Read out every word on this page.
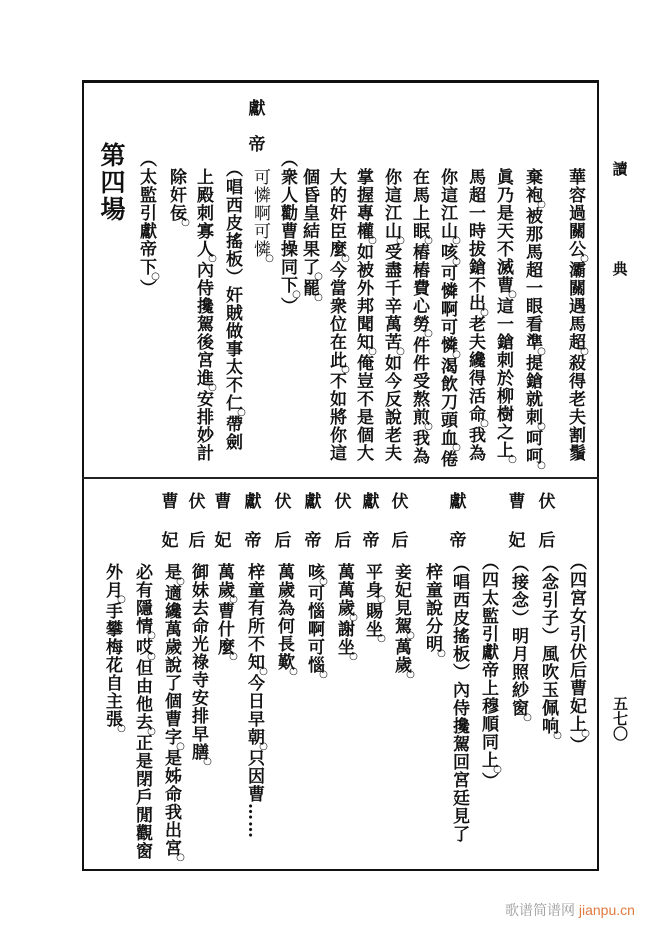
讀
典
五七〇
華容過關公○灞關遇馬超○殺得老夫割鬚
棄袍○被那馬超一眼看準○提鎗就刺○呵呵○
眞乃是天不滅曹○這一鎗刺於柳樹之上○
馬超一時拔鎗不出○老夫纔得活命○我為
你這江山○咳○可憐啊可憐○渴飲刀頭血○倦
在馬上眠○樁樁費心勞○件件受熬煎○我為
你這江山○受盡千辛萬苦○如今反說老夫
掌握專權○如被外邦聞知○俺豈不是個大
大的奸臣麼○今當衆位在此○不如將你這
個昏皇結果了○罷○
（衆人勸曹操同下○）
獻
帝
可憐啊可憐○
（唱西皮搖板）奸賊做事太不仁○帶劍
上殿刺寡人○內侍攙駕後宮進○安排妙計
除奸佞○
（太監引獻帝下○）
第四場
（四宮女引伏后曹妃上○）
伏
后
（念引子）風吹玉佩响○
曹
妃
（接念）明月照紗窗○
（四太監引獻帝上穆順同上○）
獻
帝
（唱西皮搖板）內侍攙駕回宮廷見了
梓童說分明○
伏
后
妾妃見駕○萬歲○
獻
帝
平身○賜坐○
伏
后
萬萬歲○謝坐○
獻
帝
咳○可惱啊可惱○
伏
后
萬歲為何長歎○
獻
帝
梓童有所不知○今日早朝○只因曹……
曹
妃
萬歲○曹什麼○
伏
后
御妹去命光祿寺安排早膳○
曹
妃
是○適纔萬歲說了個曹字○是姊命我出宮○
必有隱情○哎○但由他去○正是閉戶閒觀窗
外月○手攀梅花自主張○
歌谱简谱网 jianpu.cn
